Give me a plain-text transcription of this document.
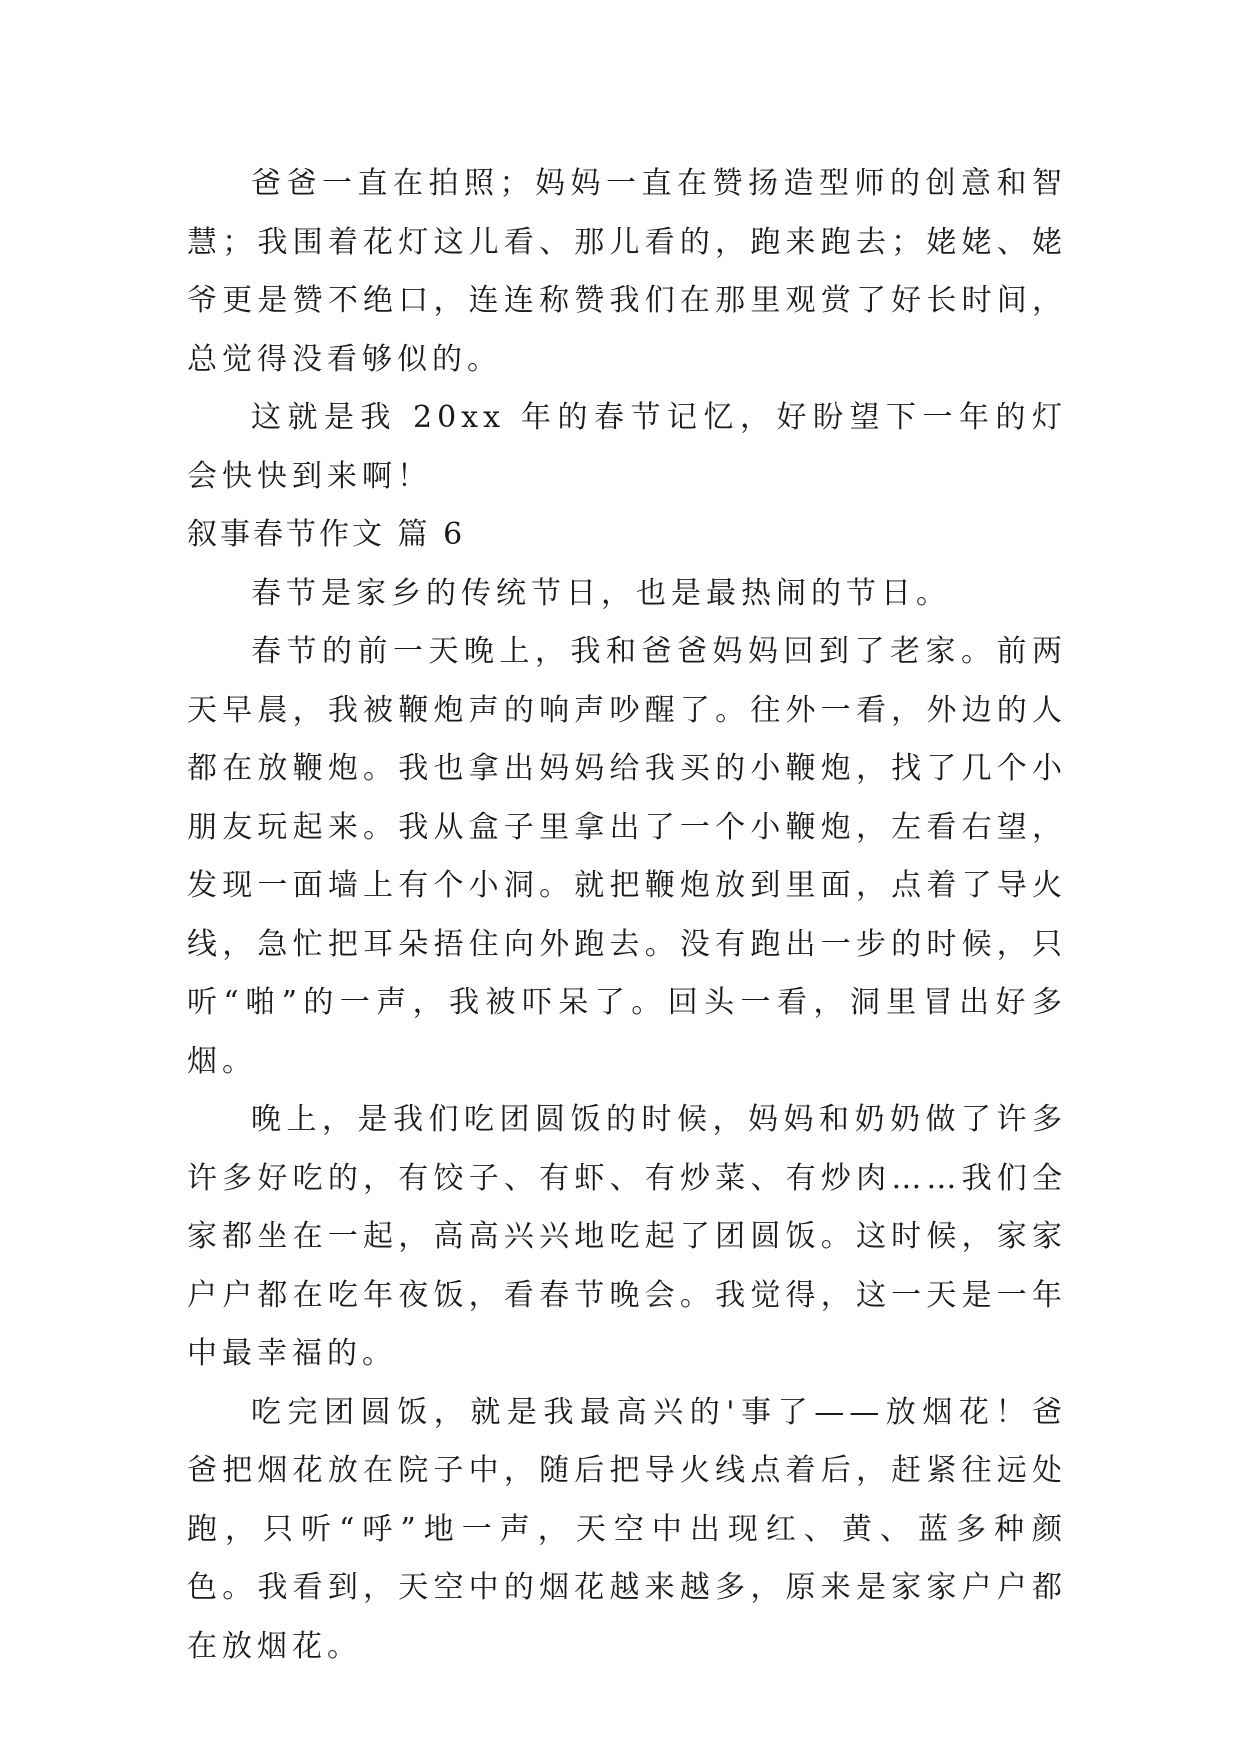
爸爸一直在拍照；妈妈一直在赞扬造型师的创意和智慧；我围着花灯这儿看、那儿看的，跑来跑去；姥姥、姥爷更是赞不绝口，连连称赞我们在那里观赏了好长时间，总觉得没看够似的。

这就是我 20xx 年的春节记忆，好盼望下一年的灯会快快到来啊！

叙事春节作文 篇 6

春节是家乡的传统节日，也是最热闹的节日。

春节的前一天晚上，我和爸爸妈妈回到了老家。前两天早晨，我被鞭炮声的响声吵醒了。往外一看，外边的人都在放鞭炮。我也拿出妈妈给我买的小鞭炮，找了几个小朋友玩起来。我从盒子里拿出了一个小鞭炮，左看右望，发现一面墙上有个小洞。就把鞭炮放到里面，点着了导火线，急忙把耳朵捂住向外跑去。没有跑出一步的时候，只听“啪”的一声，我被吓呆了。回头一看，洞里冒出好多烟。

晚上，是我们吃团圆饭的时候，妈妈和奶奶做了许多许多好吃的，有饺子、有虾、有炒菜、有炒肉……我们全家都坐在一起，高高兴兴地吃起了团圆饭。这时候，家家户户都在吃年夜饭，看春节晚会。我觉得，这一天是一年中最幸福的。

吃完团圆饭，就是我最高兴的'事了——放烟花！爸爸把烟花放在院子中，随后把导火线点着后，赶紧往远处跑，只听“呼”地一声，天空中出现红、黄、蓝多种颜色。我看到，天空中的烟花越来越多，原来是家家户户都在放烟花。
